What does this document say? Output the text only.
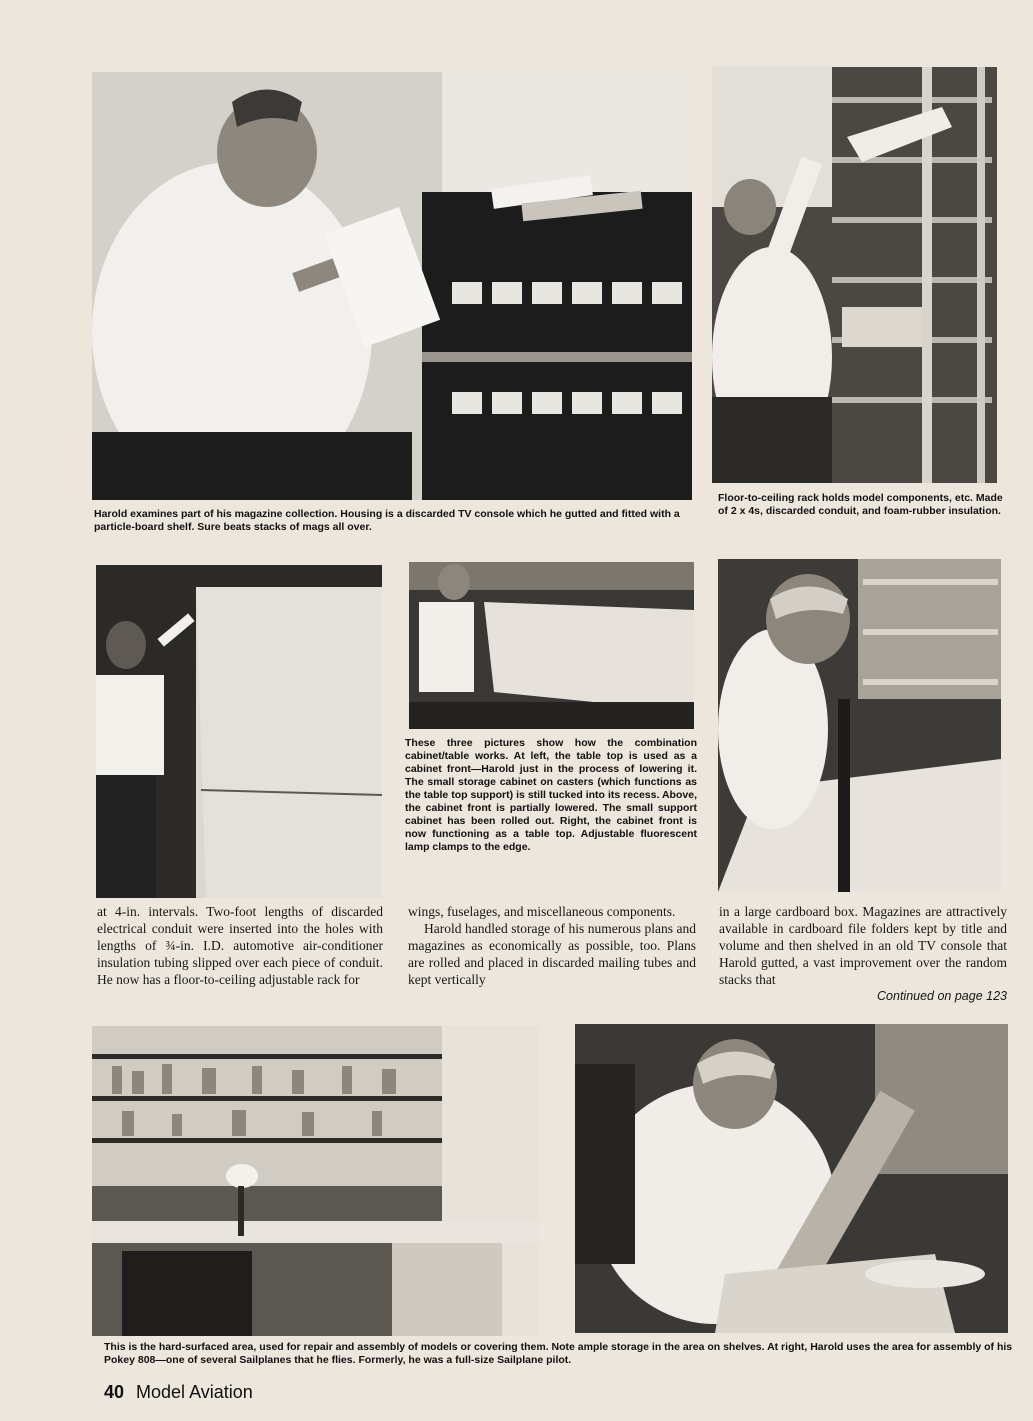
Harold examines part of his magazine collection. Housing is a discarded TV console which he gutted and fitted with a particle-board shelf. Sure beats stacks of mags all over.

Floor-to-ceiling rack holds model components, etc. Made of 2 x 4s, discarded conduit, and foam-rubber insulation.

These three pictures show how the combination cabinet/table works. At left, the table top is used as a cabinet front—Harold just in the process of lowering it. The small storage cabinet on casters (which functions as the table top support) is still tucked into its recess. Above, the cabinet front is partially lowered. The small support cabinet has been rolled out. Right, the cabinet front is now functioning as a table top. Adjustable fluorescent lamp clamps to the edge.

at 4-in. intervals. Two-foot lengths of discarded electrical conduit were inserted into the holes with lengths of ¾-in. I.D. automotive air-conditioner insulation tubing slipped over each piece of conduit. He now has a floor-to-ceiling adjustable rack for

wings, fuselages, and miscellaneous components.

Harold handled storage of his numerous plans and magazines as economically as possible, too. Plans are rolled and placed in discarded mailing tubes and kept vertically

in a large cardboard box. Magazines are attractively available in cardboard file folders kept by title and volume and then shelved in an old TV console that Harold gutted, a vast improvement over the random stacks that

Continued on page 123

This is the hard-surfaced area, used for repair and assembly of models or covering them. Note ample storage in the area on shelves. At right, Harold uses the area for assembly of his Pokey 808—one of several Sailplanes that he flies. Formerly, he was a full-size Sailplane pilot.

40 Model Aviation
